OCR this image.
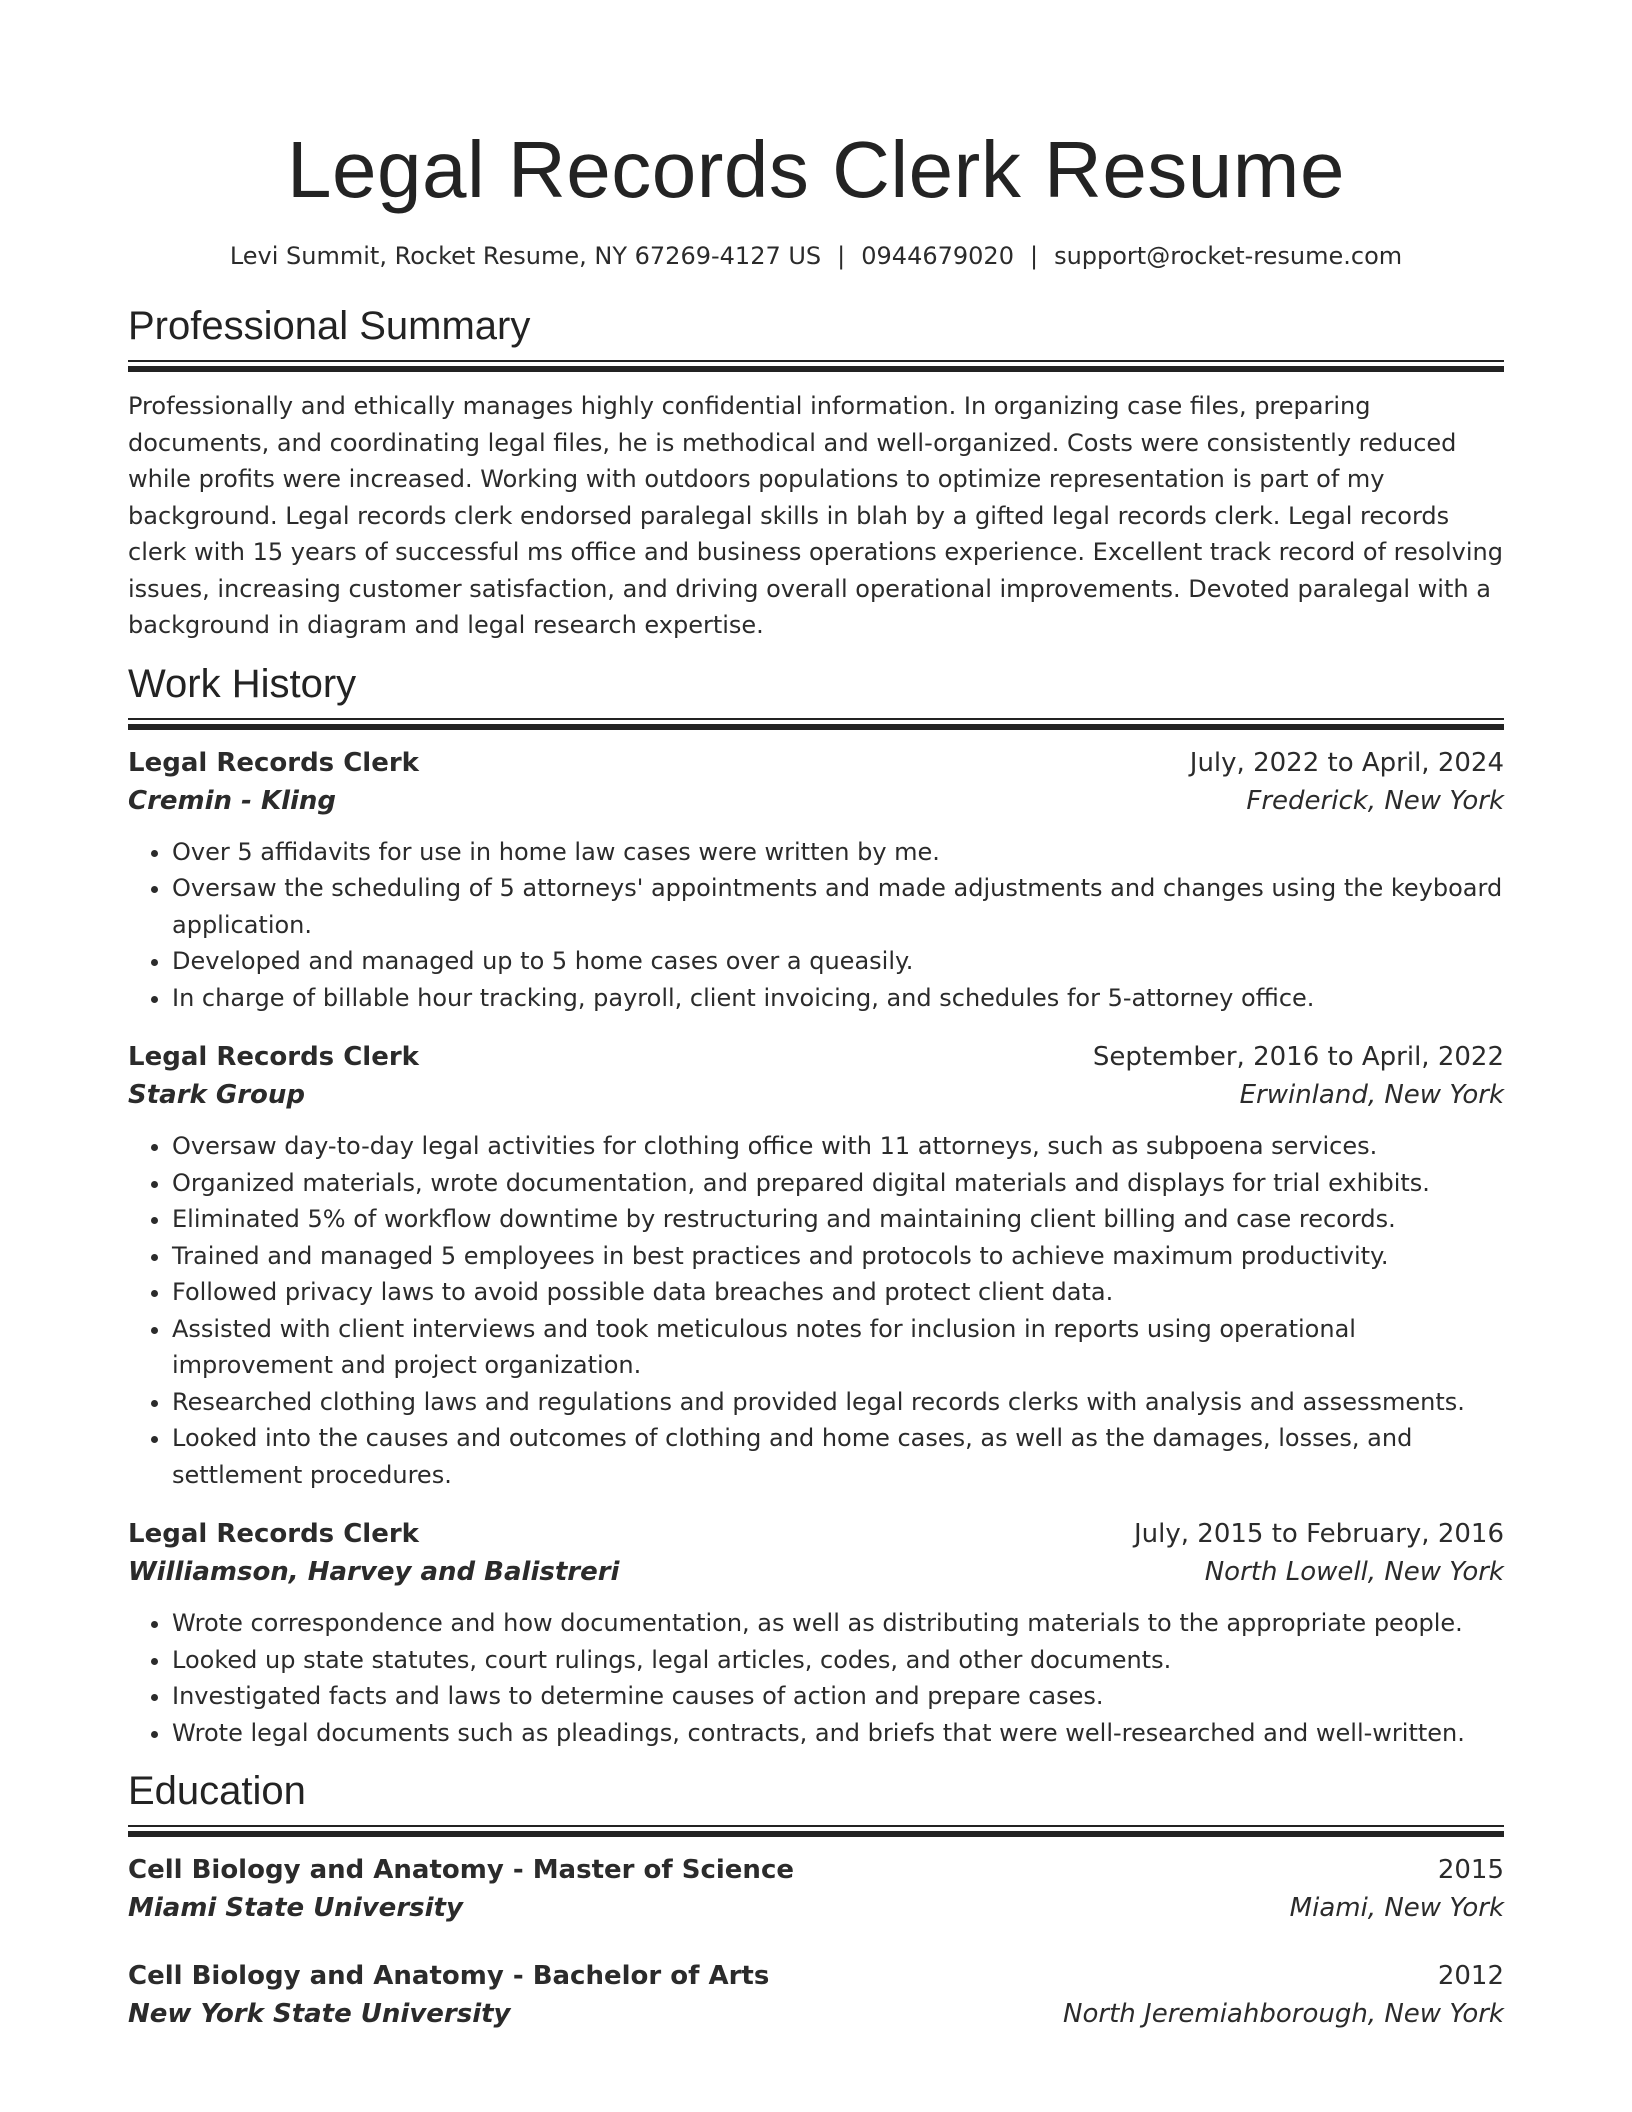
Legal Records Clerk Resume
Levi Summit, Rocket Resume, NY 67269-4127 US | 0944679020 | support@rocket-resume.com
Professional Summary

Professionally and ethically manages highly confidential information. In organizing case files, preparing documents, and coordinating legal files, he is methodical and well-organized. Costs were consistently reduced while profits were increased. Working with outdoors populations to optimize representation is part of my background. Legal records clerk endorsed paralegal skills in blah by a gifted legal records clerk. Legal records clerk with 15 years of successful ms office and business operations experience. Excellent track record of resolving issues, increasing customer satisfaction, and driving overall operational improvements. Devoted paralegal with a background in diagram and legal research expertise.

Work History
Legal Records Clerk	July, 2022 to April, 2024
Cremin - Kling	Frederick, New York
• Over 5 affidavits for use in home law cases were written by me.
• Oversaw the scheduling of 5 attorneys' appointments and made adjustments and changes using the keyboard application.
• Developed and managed up to 5 home cases over a queasily.
• In charge of billable hour tracking, payroll, client invoicing, and schedules for 5-attorney office.
Legal Records Clerk	September, 2016 to April, 2022
Stark Group	Erwinland, New York
• Oversaw day-to-day legal activities for clothing office with 11 attorneys, such as subpoena services.
• Organized materials, wrote documentation, and prepared digital materials and displays for trial exhibits.
• Eliminated 5% of workflow downtime by restructuring and maintaining client billing and case records.
• Trained and managed 5 employees in best practices and protocols to achieve maximum productivity.
• Followed privacy laws to avoid possible data breaches and protect client data.
• Assisted with client interviews and took meticulous notes for inclusion in reports using operational improvement and project organization.
• Researched clothing laws and regulations and provided legal records clerks with analysis and assessments.
• Looked into the causes and outcomes of clothing and home cases, as well as the damages, losses, and settlement procedures.
Legal Records Clerk	July, 2015 to February, 2016
Williamson, Harvey and Balistreri	North Lowell, New York
• Wrote correspondence and how documentation, as well as distributing materials to the appropriate people.
• Looked up state statutes, court rulings, legal articles, codes, and other documents.
• Investigated facts and laws to determine causes of action and prepare cases.
• Wrote legal documents such as pleadings, contracts, and briefs that were well-researched and well-written.
Education
Cell Biology and Anatomy - Master of Science	2015
Miami State University	Miami, New York
Cell Biology and Anatomy - Bachelor of Arts	2012
New York State University	North Jeremiahborough, New York
